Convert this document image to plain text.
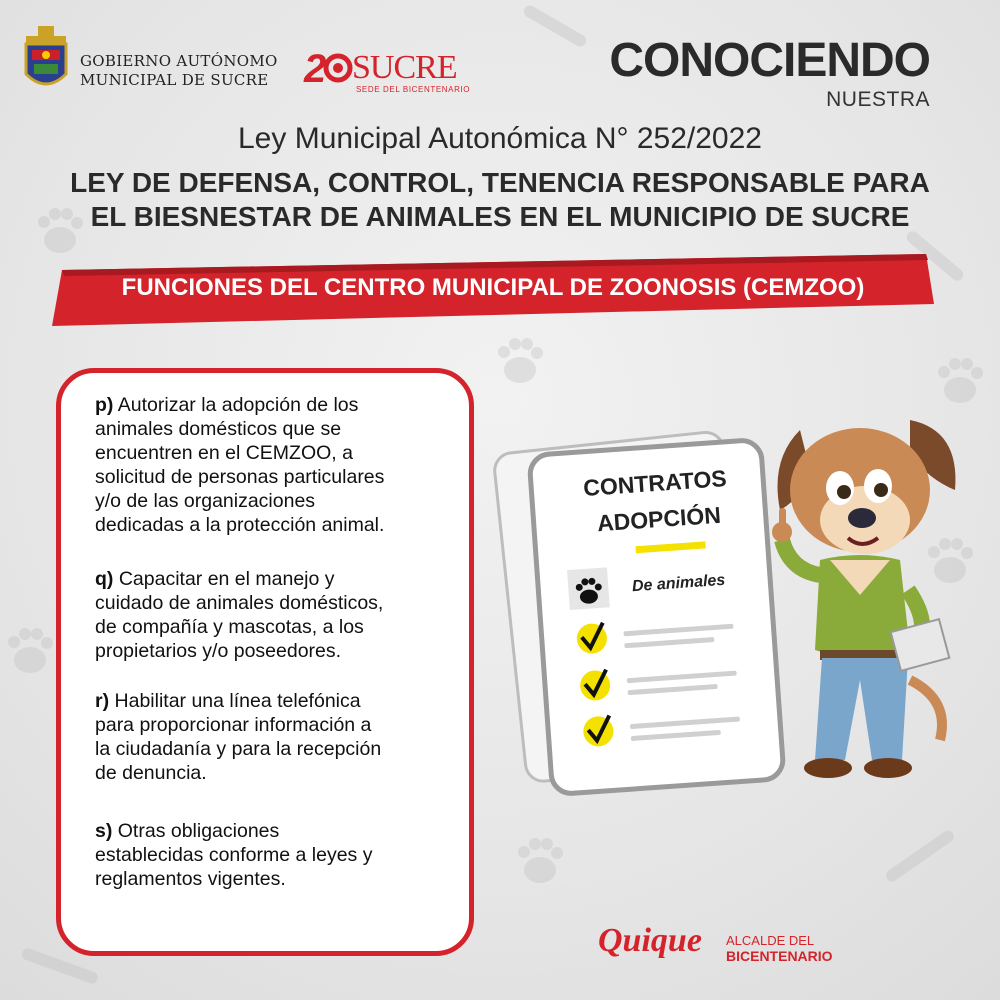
GOBIERNO AUTÓNOMO
MUNICIPAL DE SUCRE 2 SUCRE
SEDE DEL BICENTENARIO
CONOCIENDO
NUESTRA
Ley Municipal Autonómica N° 252/2022
LEY DE DEFENSA, CONTROL, TENENCIA RESPONSABLE PARA
EL BIESNESTAR DE ANIMALES EN EL MUNICIPIO DE SUCRE
FUNCIONES DEL CENTRO MUNICIPAL DE ZOONOSIS (CEMZOO)
p) Autorizar la adopción de los
animales domésticos que se
encuentren en el CEMZOO, a
solicitud de personas particulares
y/o de las organizaciones
dedicadas a la protección animal.
q) Capacitar en el manejo y
cuidado de animales domésticos,
de compañía y mascotas, a los
propietarios y/o poseedores.
r) Habilitar una línea telefónica
para proporcionar información a
la ciudadanía y para la recepción
de denuncia.
s) Otras obligaciones
establecidas conforme a leyes y
reglamentos vigentes.
CONTRATOS
ADOPCIÓN
De animales
Quique ALCALDE DEL
BICENTENARIO
